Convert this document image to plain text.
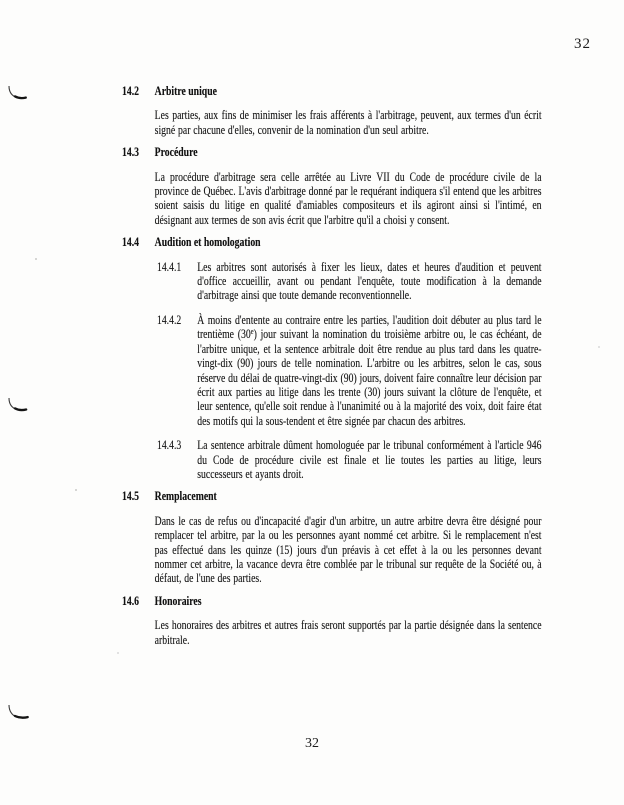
32
14.2	Arbitre unique
Les parties, aux fins de minimiser les frais afférents à l'arbitrage, peuvent, aux termes d'un écrit signé par chacune d'elles, convenir de la nomination d'un seul arbitre.
14.3	Procédure
La procédure d'arbitrage sera celle arrêtée au Livre VII du Code de procédure civile de la province de Québec. L'avis d'arbitrage donné par le requérant indiquera s'il entend que les arbitres soient saisis du litige en qualité d'amiables compositeurs et ils agiront ainsi si l'intimé, en désignant aux termes de son avis écrit que l'arbitre qu'il a choisi y consent.
14.4	Audition et homologation
14.4.1	Les arbitres sont autorisés à fixer les lieux, dates et heures d'audition et peuvent d'office accueillir, avant ou pendant l'enquête, toute modification à la demande d'arbitrage ainsi que toute demande reconventionnelle.
14.4.2	À moins d'entente au contraire entre les parties, l'audition doit débuter au plus tard le trentième (30e) jour suivant la nomination du troisième arbitre ou, le cas échéant, de l'arbitre unique, et la sentence arbitrale doit être rendue au plus tard dans les quatre-vingt-dix (90) jours de telle nomination. L'arbitre ou les arbitres, selon le cas, sous réserve du délai de quatre-vingt-dix (90) jours, doivent faire connaître leur décision par écrit aux parties au litige dans les trente (30) jours suivant la clôture de l'enquête, et leur sentence, qu'elle soit rendue à l'unanimité ou à la majorité des voix, doit faire état des motifs qui la sous-tendent et être signée par chacun des arbitres.
14.4.3	La sentence arbitrale dûment homologuée par le tribunal conformément à l'article 946 du Code de procédure civile est finale et lie toutes les parties au litige, leurs successeurs et ayants droit.
14.5	Remplacement
Dans le cas de refus ou d'incapacité d'agir d'un arbitre, un autre arbitre devra être désigné pour remplacer tel arbitre, par la ou les personnes ayant nommé cet arbitre. Si le remplacement n'est pas effectué dans les quinze (15) jours d'un préavis à cet effet à la ou les personnes devant nommer cet arbitre, la vacance devra être comblée par le tribunal sur requête de la Société ou, à défaut, de l'une des parties.
14.6	Honoraires
Les honoraires des arbitres et autres frais seront supportés par la partie désignée dans la sentence arbitrale.
32
